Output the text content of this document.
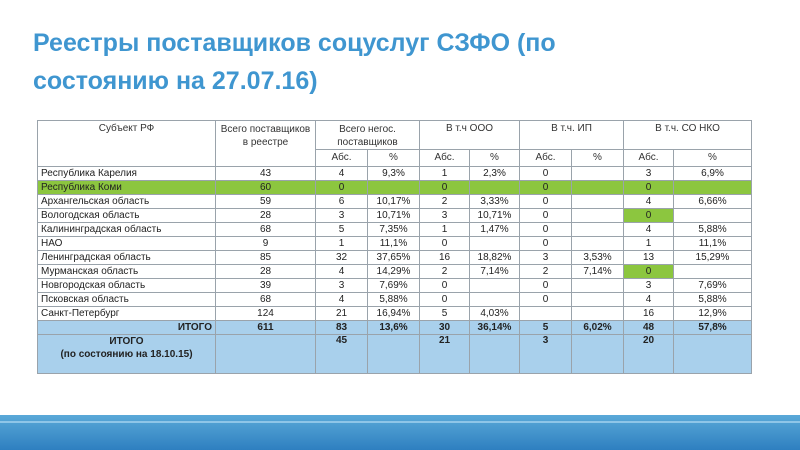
Реестры поставщиков соцуслуг СЗФО (по
состоянию на 27.07.16)
Субъект РФ	Всего поставщиков в реестре	Всего негос. поставщиков		В т.ч ООО		В т.ч. ИП		В т.ч. СО НКО	
		Абс.	%	Абс.	%	Абс.	%	Абс.	%
Республика Карелия	43	4	9,3%	1	2,3%	0		3	6,9%
Республика Коми	60	0		0		0		0	
Архангельская область	59	6	10,17%	2	3,33%	0		4	6,66%
Вологодская область	28	3	10,71%	3	10,71%	0		0	
Калининградская область	68	5	7,35%	1	1,47%	0		4	5,88%
НАО	9	1	11,1%	0		0		1	11,1%
Ленинградская область	85	32	37,65%	16	18,82%	3	3,53%	13	15,29%
Мурманская область	28	4	14,29%	2	7,14%	2	7,14%	0	
Новгородская область	39	3	7,69%	0		0		3	7,69%
Псковская область	68	4	5,88%	0		0		4	5,88%
Санкт-Петербург	124	21	16,94%	5	4,03%			16	12,9%
ИТОГО	611	83	13,6%	30	36,14%	5	6,02%	48	57,8%

ИТОГО
(по состоянию на 18.10.15)		45		21		3		20	
